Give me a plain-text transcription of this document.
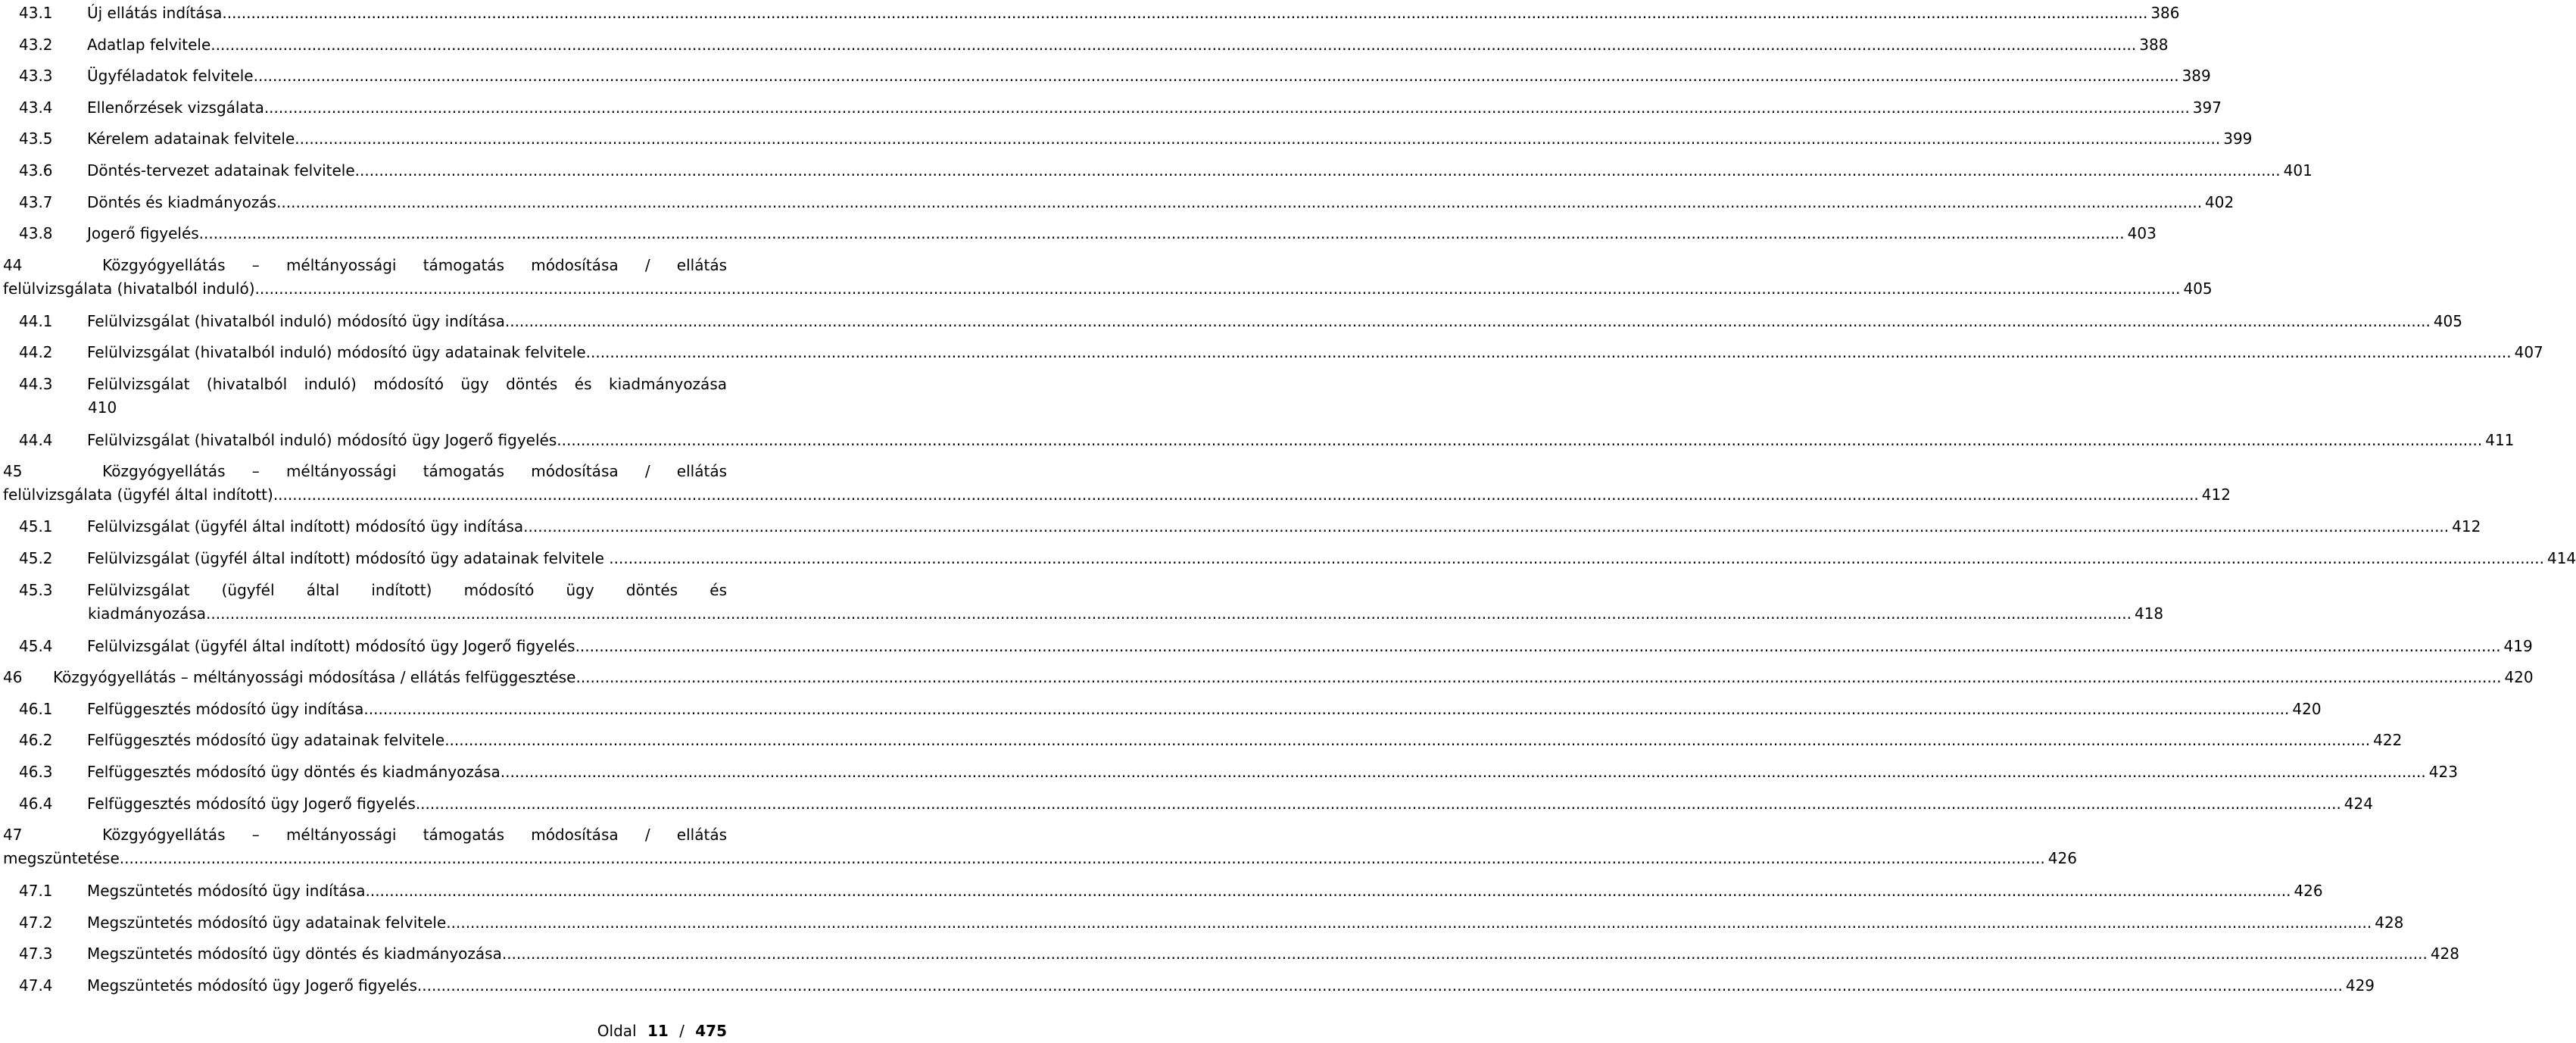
43.1 Új ellátás indítása ................................................................................................................................................................................................................................................................................................................................................................................................................ 386
43.2 Adatlap felvitele ................................................................................................................................................................................................................................................................................................................................................................................................................ 388
43.3 Ügyféladatok felvitele ................................................................................................................................................................................................................................................................................................................................................................................................................ 389
43.4 Ellenőrzések vizsgálata ................................................................................................................................................................................................................................................................................................................................................................................................................ 397
43.5 Kérelem adatainak felvitele ................................................................................................................................................................................................................................................................................................................................................................................................................ 399
43.6 Döntés-tervezet adatainak felvitele ................................................................................................................................................................................................................................................................................................................................................................................................................ 401
43.7 Döntés és kiadmányozás ................................................................................................................................................................................................................................................................................................................................................................................................................ 402
43.8 Jogerő figyelés ................................................................................................................................................................................................................................................................................................................................................................................................................ 403
44	Közgyógyellátás – méltányossági támogatás módosítása / ellátás
felülvizsgálata (hivatalból induló) ................................................................................................................................................................................................................................................................................................................................................................................................................ 405
44.1 Felülvizsgálat (hivatalból induló) módosító ügy indítása ................................................................................................................................................................................................................................................................................................................................................................................................................ 405
44.2 Felülvizsgálat (hivatalból induló) módosító ügy adatainak felvitele ................................................................................................................................................................................................................................................................................................................................................................................................................ 407
44.3 Felülvizsgálat (hivatalból induló) módosító ügy döntés és kiadmányozása
410
44.4 Felülvizsgálat (hivatalból induló) módosító ügy Jogerő figyelés ................................................................................................................................................................................................................................................................................................................................................................................................................ 411
45	Közgyógyellátás – méltányossági támogatás módosítása / ellátás
felülvizsgálata (ügyfél által indított) ................................................................................................................................................................................................................................................................................................................................................................................................................ 412
45.1 Felülvizsgálat (ügyfél által indított) módosító ügy indítása ................................................................................................................................................................................................................................................................................................................................................................................................................ 412
45.2 Felülvizsgálat (ügyfél által indított) módosító ügy adatainak felvitele .. ................................................................................................................................................................................................................................................................................................................................................................................................................ 414
45.3 Felülvizsgálat (ügyfél által indított) módosító ügy döntés és
kiadmányozása ................................................................................................................................................................................................................................................................................................................................................................................................................ 418
45.4 Felülvizsgálat (ügyfél által indított) módosító ügy Jogerő figyelés ................................................................................................................................................................................................................................................................................................................................................................................................................ 419
46 Közgyógyellátás – méltányossági módosítása / ellátás felfüggesztése ................................................................................................................................................................................................................................................................................................................................................................................................................ 420
46.1 Felfüggesztés módosító ügy indítása ................................................................................................................................................................................................................................................................................................................................................................................................................ 420
46.2 Felfüggesztés módosító ügy adatainak felvitele ................................................................................................................................................................................................................................................................................................................................................................................................................ 422
46.3 Felfüggesztés módosító ügy döntés és kiadmányozása ................................................................................................................................................................................................................................................................................................................................................................................................................ 423
46.4 Felfüggesztés módosító ügy Jogerő figyelés ................................................................................................................................................................................................................................................................................................................................................................................................................ 424
47	Közgyógyellátás – méltányossági támogatás módosítása / ellátás
megszüntetése ................................................................................................................................................................................................................................................................................................................................................................................................................ 426
47.1 Megszüntetés módosító ügy indítása ................................................................................................................................................................................................................................................................................................................................................................................................................ 426
47.2 Megszüntetés módosító ügy adatainak felvitele ................................................................................................................................................................................................................................................................................................................................................................................................................ 428
47.3 Megszüntetés módosító ügy döntés és kiadmányozása ................................................................................................................................................................................................................................................................................................................................................................................................................ 428
47.4 Megszüntetés módosító ügy Jogerő figyelés ................................................................................................................................................................................................................................................................................................................................................................................................................ 429
Oldal 11 / 475
